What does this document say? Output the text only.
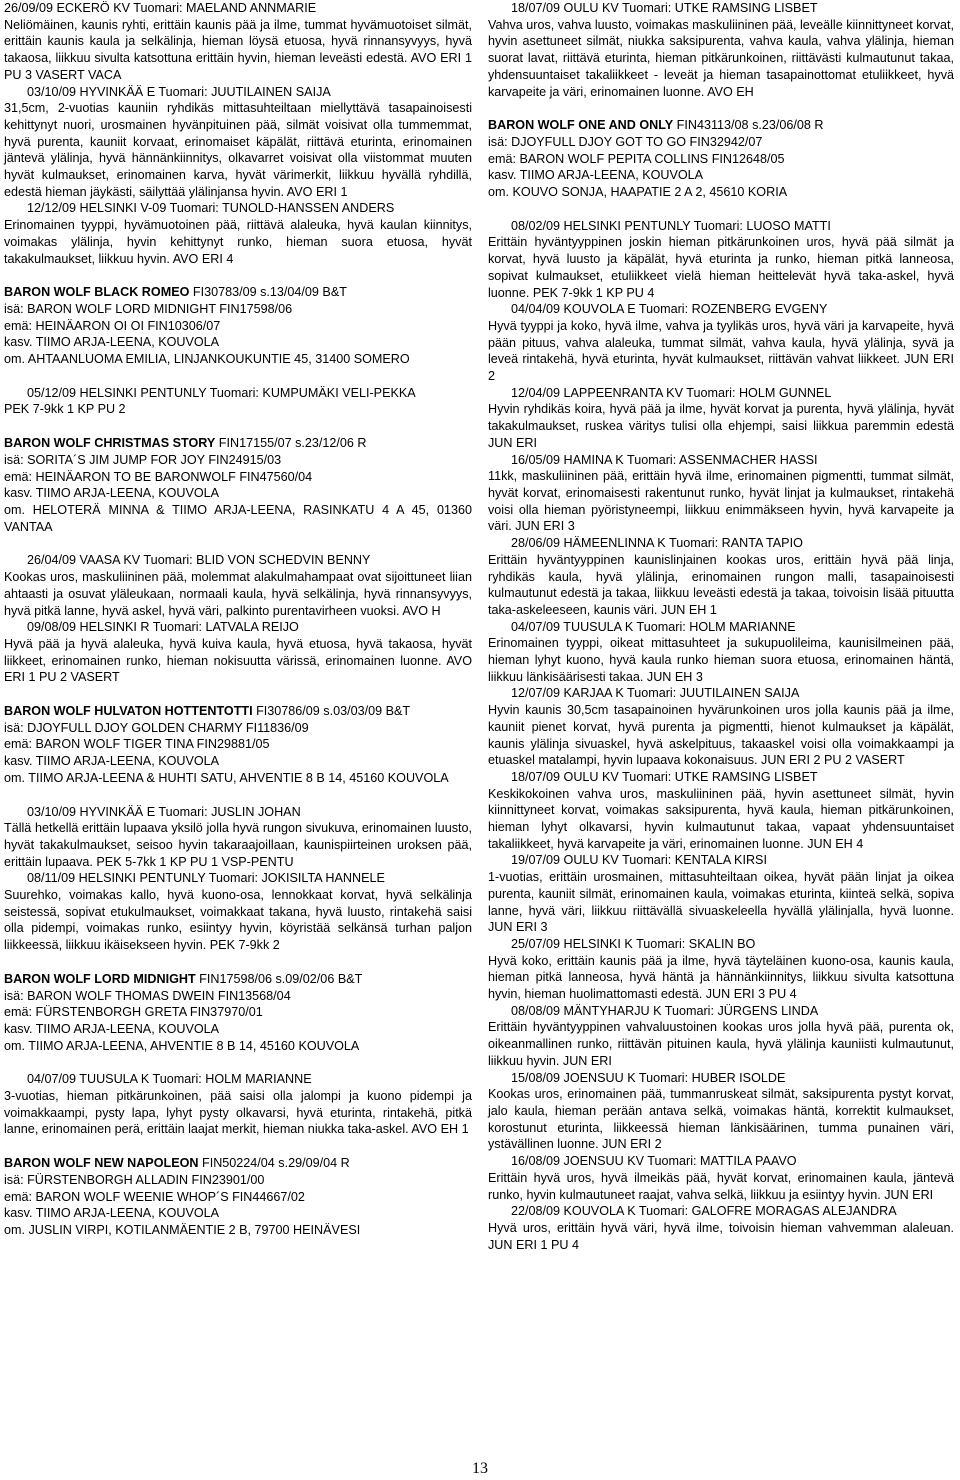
26/09/09 ECKERÖ KV Tuomari: MAELAND ANNMARIE

Neliömäinen, kaunis ryhti, erittäin kaunis pää ja ilme, tummat hyvämuotoiset silmät, erittäin kaunis kaula ja selkälinja, hieman löysä etuosa, hyvä rinnansyvyys, hyvä takaosa, liikkuu sivulta katsottuna erittäin hyvin, hieman leveästi edestä. AVO ERI 1 PU 3 VASERT VACA

03/10/09 HYVINKÄÄ E Tuomari: JUUTILAINEN SAIJA

31,5cm, 2-vuotias kauniin ryhdikäs mittasuhteiltaan miellyttävä tasapainoisesti kehittynyt nuori, urosmainen hyvänpituinen pää, silmät voisivat olla tummemmat, hyvä purenta, kauniit korvaat, erinomaiset käpälät, riittävä eturinta, erinomainen jäntevä ylälinja, hyvä hännänkiinnitys, olkavarret voisivat olla viistommat muuten hyvät kulmaukset, erinomainen karva, hyvät värimerkit, liikkuu hyvällä ryhdillä, edestä hieman jäykästi, säilyttää ylälinjansa hyvin. AVO ERI 1

12/12/09 HELSINKI V-09 Tuomari: TUNOLD-HANSSEN ANDERS

Erinomainen tyyppi, hyvämuotoinen pää, riittävä alaleuka, hyvä kaulan kiinnitys, voimakas ylälinja, hyvin kehittynyt runko, hieman suora etuosa, hyvät takakulmaukset, liikkuu hyvin. AVO ERI 4

BARON WOLF BLACK ROMEO FI30783/09 s.13/04/09 B&T

isä: BARON WOLF LORD MIDNIGHT FIN17598/06

emä: HEINÄARON OI OI FIN10306/07

kasv. TIIMO ARJA-LEENA, KOUVOLA

om. AHTAANLUOMA EMILIA, LINJANKOUKUNTIE 45, 31400 SOMERO

05/12/09 HELSINKI PENTUNLY Tuomari: KUMPUMÄKI VELI-PEKKA

PEK 7-9kk 1 KP PU 2

BARON WOLF CHRISTMAS STORY FIN17155/07 s.23/12/06 R

isä: SORITA´S JIM JUMP FOR JOY FIN24915/03

emä: HEINÄARON TO BE BARONWOLF FIN47560/04

kasv. TIIMO ARJA-LEENA, KOUVOLA

om. HELOTERÄ MINNA & TIIMO ARJA-LEENA, RASINKATU 4 A 45, 01360 VANTAA

26/04/09 VAASA KV Tuomari: BLID VON SCHEDVIN BENNY

Kookas uros, maskuliininen pää, molemmat alakulmahampaat ovat sijoittuneet liian ahtaasti ja osuvat yläleukaan, normaali kaula, hyvä selkälinja, hyvä rinnansyvyys, hyvä pitkä lanne, hyvä askel, hyvä väri, palkinto purentavirheen vuoksi. AVO H

09/08/09 HELSINKI R Tuomari: LATVALA REIJO

Hyvä pää ja hyvä alaleuka, hyvä kuiva kaula, hyvä etuosa, hyvä takaosa, hyvät liikkeet, erinomainen runko, hieman nokisuutta värissä, erinomainen luonne. AVO ERI 1 PU 2 VASERT

BARON WOLF HULVATON HOTTENTOTTI FI30786/09 s.03/03/09 B&T

isä: DJOYFULL DJOY GOLDEN CHARMY FI11836/09

emä: BARON WOLF TIGER TINA FIN29881/05

kasv. TIIMO ARJA-LEENA, KOUVOLA

om. TIIMO ARJA-LEENA & HUHTI SATU, AHVENTIE 8 B 14, 45160 KOUVOLA

03/10/09 HYVINKÄÄ E Tuomari: JUSLIN JOHAN

Tällä hetkellä erittäin lupaava yksilö jolla hyvä rungon sivukuva, erinomainen luusto, hyvät takakulmaukset, seisoo hyvin takaraajoillaan, kaunispiirteinen uroksen pää, erittäin lupaava. PEK 5-7kk 1 KP PU 1 VSP-PENTU

08/11/09 HELSINKI PENTUNLY Tuomari: JOKISILTA HANNELE

Suurehko, voimakas kallo, hyvä kuono-osa, lennokkaat korvat, hyvä selkälinja seistessä, sopivat etukulmaukset, voimakkaat takana, hyvä luusto, rintakehä saisi olla pidempi, voimakas runko, esiintyy hyvin, köyristää selkänsä turhan paljon liikkeessä, liikkuu ikäisekseen hyvin. PEK 7-9kk 2

BARON WOLF LORD MIDNIGHT FIN17598/06 s.09/02/06 B&T

isä: BARON WOLF THOMAS DWEIN FIN13568/04

emä: FÜRSTENBORGH GRETA FIN37970/01

kasv. TIIMO ARJA-LEENA, KOUVOLA

om. TIIMO ARJA-LEENA, AHVENTIE 8 B 14, 45160 KOUVOLA

04/07/09 TUUSULA K Tuomari: HOLM MARIANNE

3-vuotias, hieman pitkärunkoinen, pää saisi olla jalompi ja kuono pidempi ja voimakkaampi, pysty lapa, lyhyt pysty olkavarsi, hyvä eturinta, rintakehä, pitkä lanne, erinomainen perä, erittäin laajat merkit, hieman niukka taka-askel. AVO EH 1

BARON WOLF NEW NAPOLEON FIN50224/04 s.29/09/04 R

isä: FÜRSTENBORGH ALLADIN FIN23901/00

emä: BARON WOLF WEENIE WHOP´S FIN44667/02

kasv. TIIMO ARJA-LEENA, KOUVOLA

om. JUSLIN VIRPI, KOTILANMÄENTIE 2 B, 79700 HEINÄVESI

18/07/09 OULU KV Tuomari: UTKE RAMSING LISBET

Vahva uros, vahva luusto, voimakas maskuliininen pää, leveälle kiinnittyneet korvat, hyvin asettuneet silmät, niukka saksipurenta, vahva kaula, vahva ylälinja, hieman suorat lavat, riittävä eturinta, hieman pitkärunkoinen, riittävästi kulmautunut takaa, yhdensuuntaiset takaliikkeet - leveät ja hieman tasapainottomat etuliikkeet, hyvä karvapeite ja väri, erinomainen luonne. AVO EH

BARON WOLF ONE AND ONLY FIN43113/08 s.23/06/08 R

isä: DJOYFULL DJOY GOT TO GO FIN32942/07

emä: BARON WOLF PEPITA COLLINS FIN12648/05

kasv. TIIMO ARJA-LEENA, KOUVOLA

om. KOUVO SONJA, HAAPATIE 2 A 2, 45610 KORIA

08/02/09 HELSINKI PENTUNLY Tuomari: LUOSO MATTI

Erittäin hyväntyyppinen joskin hieman pitkärunkoinen uros, hyvä pää silmät ja korvat, hyvä luusto ja käpälät, hyvä eturinta ja runko, hieman pitkä lanneosa, sopivat kulmaukset, etuliikkeet vielä hieman heittelevät hyvä taka-askel, hyvä luonne. PEK 7-9kk 1 KP PU 4

04/04/09 KOUVOLA E Tuomari: ROZENBERG EVGENY

Hyvä tyyppi ja koko, hyvä ilme, vahva ja tyylikäs uros, hyvä väri ja karvapeite, hyvä pään pituus, vahva alaleuka, tummat silmät, vahva kaula, hyvä ylälinja, syvä ja leveä rintakehä, hyvä eturinta, hyvät kulmaukset, riittävän vahvat liikkeet. JUN ERI 2

12/04/09 LAPPEENRANTA KV Tuomari: HOLM GUNNEL

Hyvin ryhdikäs koira, hyvä pää ja ilme, hyvät korvat ja purenta, hyvä ylälinja, hyvät takakulmaukset, ruskea väritys tulisi olla ehjempi, saisi liikkua paremmin edestä JUN ERI

16/05/09 HAMINA K Tuomari: ASSENMACHER HASSI

11kk, maskuliininen pää, erittäin hyvä ilme, erinomainen pigmentti, tummat silmät, hyvät korvat, erinomaisesti rakentunut runko, hyvät linjat ja kulmaukset, rintakehä voisi olla hieman pyöristyneempi, liikkuu enimmäkseen hyvin, hyvä karvapeite ja väri. JUN ERI 3

28/06/09 HÄMEENLINNA K Tuomari: RANTA TAPIO

Erittäin hyväntyyppinen kaunislinjainen kookas uros, erittäin hyvä pää linja, ryhdikäs kaula, hyvä ylälinja, erinomainen rungon malli, tasapainoisesti kulmautunut edestä ja takaa, liikkuu leveästi edestä ja takaa, toivoisin lisää pituutta taka-askeleeseen, kaunis väri. JUN EH 1

04/07/09 TUUSULA K Tuomari: HOLM MARIANNE

Erinomainen tyyppi, oikeat mittasuhteet ja sukupuolileima, kaunisilmeinen pää, hieman lyhyt kuono, hyvä kaula runko hieman suora etuosa, erinomainen häntä, liikkuu länkisäärisesti takaa. JUN EH 3

12/07/09 KARJAA K Tuomari: JUUTILAINEN SAIJA

Hyvin kaunis 30,5cm tasapainoinen hyvärunkoinen uros jolla kaunis pää ja ilme, kauniit pienet korvat, hyvä purenta ja pigmentti, hienot kulmaukset ja käpälät, kaunis ylälinja sivuaskel, hyvä askelpituus, takaaskel voisi olla voimakkaampi ja etuaskel matalampi, hyvin lupaava kokonaisuus. JUN ERI 2 PU 2 VASERT

18/07/09 OULU KV Tuomari: UTKE RAMSING LISBET

Keskikokoinen vahva uros, maskuliininen pää, hyvin asettuneet silmät, hyvin kiinnittyneet korvat, voimakas saksipurenta, hyvä kaula, hieman pitkärunkoinen, hieman lyhyt olkavarsi, hyvin kulmautunut takaa, vapaat yhdensuuntaiset takaliikkeet, hyvä karvapeite ja väri, erinomainen luonne. JUN EH 4

19/07/09 OULU KV Tuomari: KENTALA KIRSI

1-vuotias, erittäin urosmainen, mittasuhteiltaan oikea, hyvät pään linjat ja oikea purenta, kauniit silmät, erinomainen kaula, voimakas eturinta, kiinteä selkä, sopiva lanne, hyvä väri, liikkuu riittävällä sivuaskeleella hyvällä ylälinjalla, hyvä luonne. JUN ERI 3

25/07/09 HELSINKI K Tuomari: SKALIN BO

Hyvä koko, erittäin kaunis pää ja ilme, hyvä täyteläinen kuono-osa, kaunis kaula, hieman pitkä lanneosa, hyvä häntä ja hännänkiinnitys, liikkuu sivulta katsottuna hyvin, hieman huolimattomasti edestä. JUN ERI 3 PU 4

08/08/09 MÄNTYHARJU K Tuomari: JÜRGENS LINDA

Erittäin hyväntyyppinen vahvaluustoinen kookas uros jolla hyvä pää, purenta ok, oikeanmallinen runko, riittävän pituinen kaula, hyvä ylälinja kauniisti kulmautunut, liikkuu hyvin. JUN ERI

15/08/09 JOENSUU K Tuomari: HUBER ISOLDE

Kookas uros, erinomainen pää, tummanruskeat silmät, saksipurenta pystyt korvat, jalo kaula, hieman perään antava selkä, voimakas häntä, korrektit kulmaukset, korostunut eturinta, liikkeessä hieman länkisäärinen, tumma punainen väri, ystävällinen luonne. JUN ERI 2

16/08/09 JOENSUU KV Tuomari: MATTILA PAAVO

Erittäin hyvä uros, hyvä ilmeikäs pää, hyvät korvat, erinomainen kaula, jäntevä runko, hyvin kulmautuneet raajat, vahva selkä, liikkuu ja esiintyy hyvin. JUN ERI

22/08/09 KOUVOLA K Tuomari: GALOFRE MORAGAS ALEJANDRA

Hyvä uros, erittäin hyvä väri, hyvä ilme, toivoisin hieman vahvemman alaleuan. JUN ERI 1 PU 4

13
